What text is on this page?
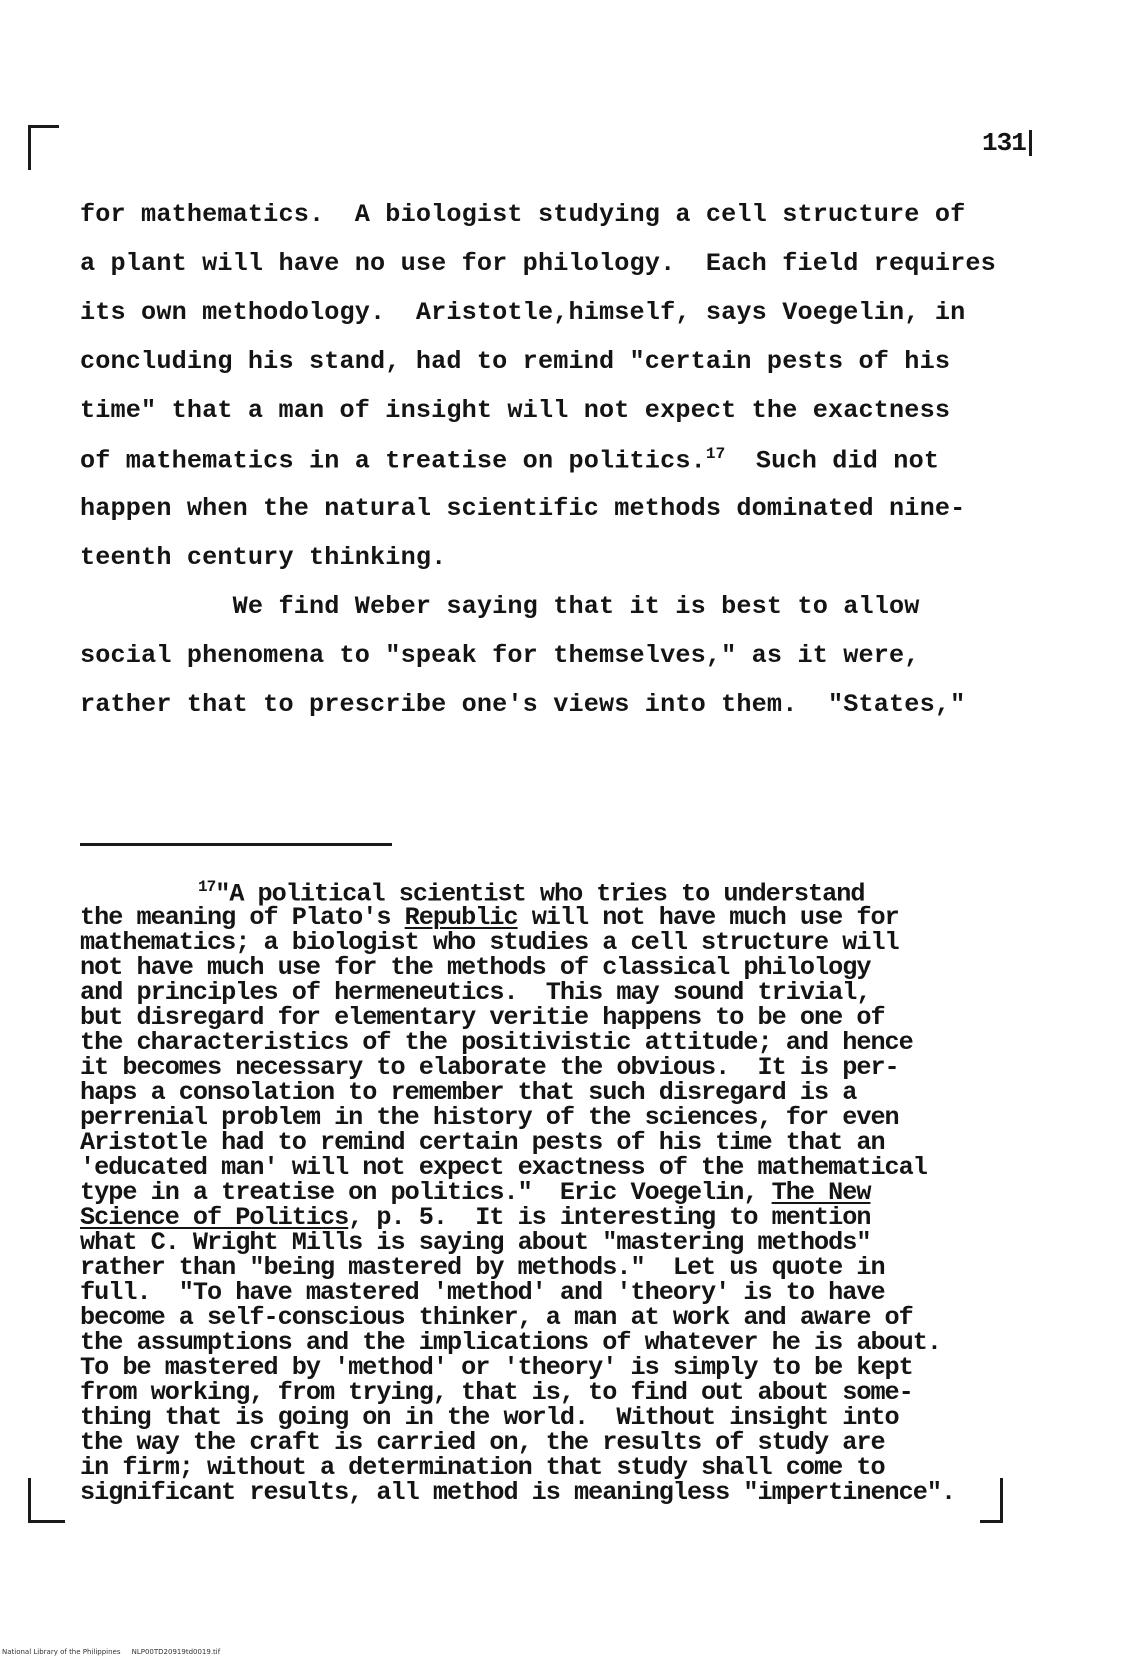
131
for mathematics.  A biologist studying a cell structure of
a plant will have no use for philology.  Each field requires
its own methodology.  Aristotle,himself, says Voegelin, in
concluding his stand, had to remind "certain pests of his
time" that a man of insight will not expect the exactness
of mathematics in a treatise on politics.$^{17}$  Such did not
happen when the natural scientific methods dominated nine-
teenth century thinking.
We find Weber saying that it is best to allow
social phenomena to "speak for themselves," as it were,
rather that to prescribe one's views into them.  "States,"
$^{17}$"A political scientist who tries to understand
the meaning of Plato's Republic will not have much use for
mathematics; a biologist who studies a cell structure will
not have much use for the methods of classical philology
and principles of hermeneutics.  This may sound trivial,
but disregard for elementary veritie happens to be one of
the characteristics of the positivistic attitude; and hence
it becomes necessary to elaborate the obvious.  It is per-
haps a consolation to remember that such disregard is a
perrenial problem in the history of the sciences, for even
Aristotle had to remind certain pests of his time that an
'educated man' will not expect exactness of the mathematical
type in a treatise on politics."  Eric Voegelin, The New
Science of Politics, p. 5.  It is interesting to mention
what C. Wright Mills is saying about "mastering methods"
rather than "being mastered by methods."  Let us quote in
full.  "To have mastered 'method' and 'theory' is to have
become a self-conscious thinker, a man at work and aware of
the assumptions and the implications of whatever he is about.
To be mastered by 'method' or 'theory' is simply to be kept
from working, from trying, that is, to find out about some-
thing that is going on in the world.  Without insight into
the way the craft is carried on, the results of study are
in firm; without a determination that study shall come to
significant results, all method is meaningless "impertinence".
National Library of the Philippines     NLP00TD20919td0019.tif
